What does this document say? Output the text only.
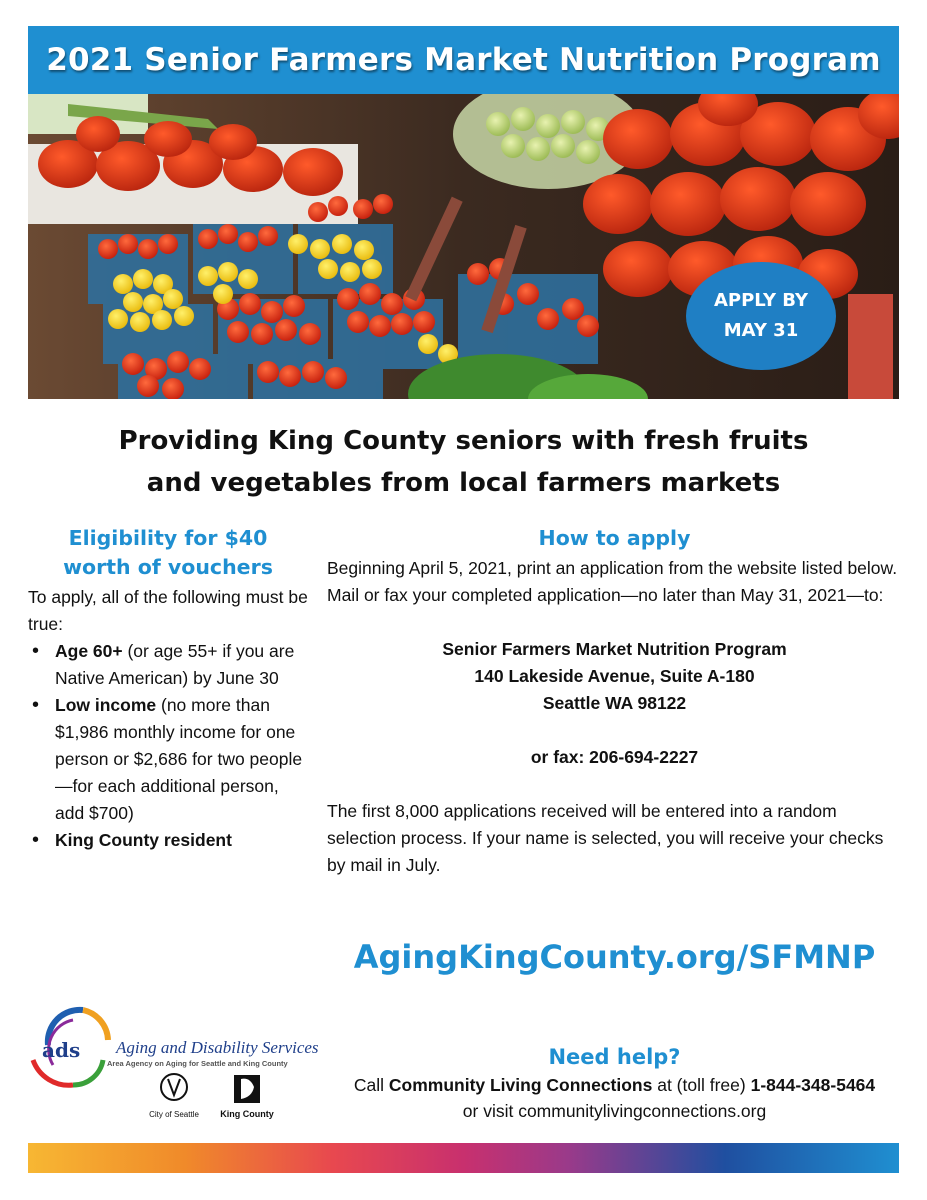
2021 Senior Farmers Market Nutrition Program
APPLY BY
MAY 31
Providing King County seniors with fresh fruits
and vegetables from local farmers markets
Eligibility for $40
worth of vouchers
To apply, all of the following must be true:
• Age 60+ (or age 55+ if you are Native American) by June 30
• Low income (no more than $1,986 monthly income for one person or $2,686 for two people—for each additional person, add $700)
• King County resident
How to apply

Beginning April 5, 2021, print an application from the website listed below. Mail or fax your completed application—no later than May 31, 2021—to:

Senior Farmers Market Nutrition Program
140 Lakeside Avenue, Suite A-180
Seattle WA 98122

or fax: 206-694-2227

The first 8,000 applications received will be entered into a random selection process. If your name is selected, you will receive your checks by mail in July.

AgingKingCounty.org/SFMNP
Need help?
Call Community Living Connections at (toll free) 1-844-348-5464
or visit communitylivingconnections.org
ads Aging and Disability Services
Area Agency on Aging for Seattle and King County
City of Seattle King County
